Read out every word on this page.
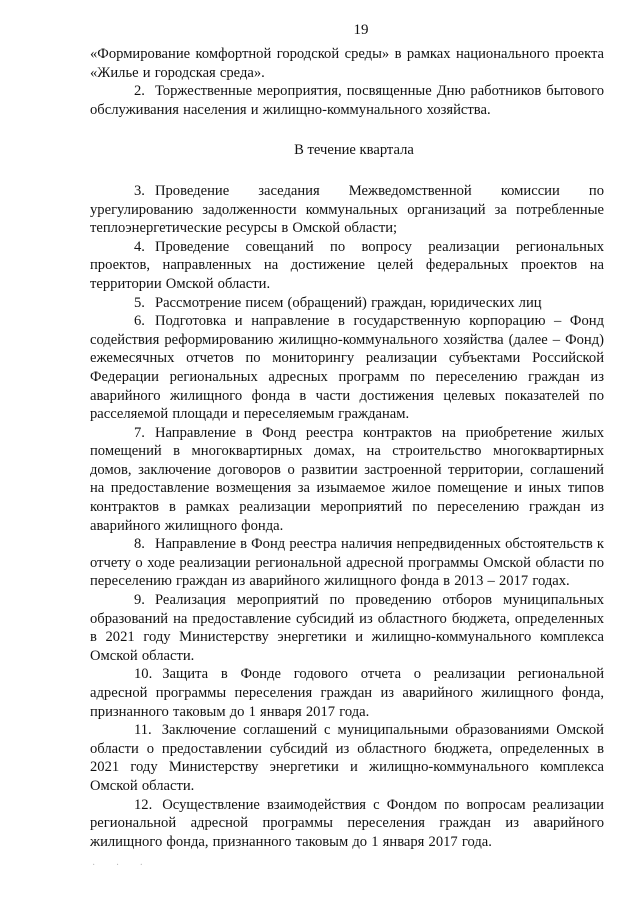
19

«Формирование комфортной городской среды» в рамках национального проекта «Жилье и городская среда».

2. Торжественные мероприятия, посвященные Дню работников бытового обслуживания населения и жилищно-коммунального хозяйства.

В течение квартала

3. Проведение заседания Межведомственной комиссии по урегулированию задолженности коммунальных организаций за потребленные теплоэнергетические ресурсы в Омской области;

4. Проведение совещаний по вопросу реализации региональных проектов, направленных на достижение целей федеральных проектов на территории Омской области.

5. Рассмотрение писем (обращений) граждан, юридических лиц

6. Подготовка и направление в государственную корпорацию – Фонд содействия реформированию жилищно-коммунального хозяйства (далее – Фонд) ежемесячных отчетов по мониторингу реализации субъектами Российской Федерации региональных адресных программ по переселению граждан из аварийного жилищного фонда в части достижения целевых показателей по расселяемой площади и переселяемым гражданам.

7. Направление в Фонд реестра контрактов на приобретение жилых помещений в многоквартирных домах, на строительство многоквартирных домов, заключение договоров о развитии застроенной территории, соглашений на предоставление возмещения за изымаемое жилое помещение и иных типов контрактов в рамках реализации мероприятий по переселению граждан из аварийного жилищного фонда.

8. Направление в Фонд реестра наличия непредвиденных обстоятельств к отчету о ходе реализации региональной адресной программы Омской области по переселению граждан из аварийного жилищного фонда в 2013 – 2017 годах.

9. Реализация мероприятий по проведению отборов муниципальных образований на предоставление субсидий из областного бюджета, определенных в 2021 году Министерству энергетики и жилищно-коммунального комплекса Омской области.

10. Защита в Фонде годового отчета о реализации региональной адресной программы переселения граждан из аварийного жилищного фонда, признанного таковым до 1 января 2017 года.

11. Заключение соглашений с муниципальными образованиями Омской области о предоставлении субсидий из областного бюджета, определенных в 2021 году Министерству энергетики и жилищно-коммунального комплекса Омской области.

12. Осуществление взаимодействия с Фондом по вопросам реализации региональной адресной программы переселения граждан из аварийного жилищного фонда, признанного таковым до 1 января 2017 года.

· · ·
